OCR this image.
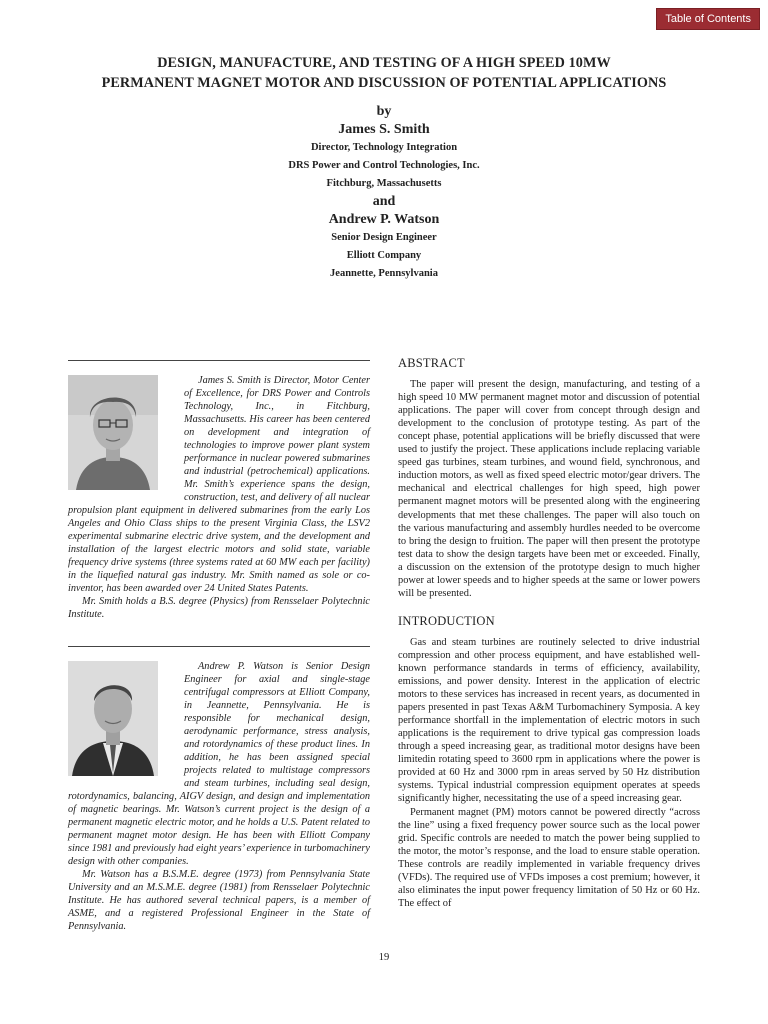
Table of Contents
DESIGN, MANUFACTURE, AND TESTING OF A HIGH SPEED 10MW
PERMANENT MAGNET MOTOR AND DISCUSSION OF POTENTIAL APPLICATIONS
by
James S. Smith
Director, Technology Integration
DRS Power and Control Technologies, Inc.
Fitchburg, Massachusetts
and
Andrew P. Watson
Senior Design Engineer
Elliott Company
Jeannette, Pennsylvania

James S. Smith is Director, Motor Center of Excellence, for DRS Power and Controls Technology, Inc., in Fitchburg, Massachusetts. His career has been centered on development and integration of technologies to improve power plant system performance in nuclear powered submarines and industrial (petrochemical) applications. Mr. Smith’s experience spans the design, construction, test, and delivery of all nuclear propulsion plant equipment in delivered submarines from the early Los Angeles and Ohio Class ships to the present Virginia Class, the LSV2 experimental submarine electric drive system, and the development and installation of the largest electric motors and solid state, variable frequency drive systems (three systems rated at 60 MW each per facility) in the liquefied natural gas industry. Mr. Smith named as sole or co-inventor, has been awarded over 24 United States Patents.

Mr. Smith holds a B.S. degree (Physics) from Rensselaer Polytechnic Institute.

Andrew P. Watson is Senior Design Engineer for axial and single-stage centrifugal compressors at Elliott Company, in Jeannette, Pennsylvania. He is responsible for mechanical design, aerodynamic performance, stress analysis, and rotordynamics of these product lines. In addition, he has been assigned special projects related to multistage compressors and steam turbines, including seal design, rotordynamics, balancing, AIGV design, and design and implementation of magnetic bearings. Mr. Watson’s current project is the design of a permanent magnetic electric motor, and he holds a U.S. Patent related to permanent magnet motor design. He has been with Elliott Company since 1981 and previously had eight years’ experience in turbomachinery design with other companies.

Mr. Watson has a B.S.M.E. degree (1973) from Pennsylvania State University and an M.S.M.E. degree (1981) from Rensselaer Polytechnic Institute. He has authored several technical papers, is a member of ASME, and a registered Professional Engineer in the State of Pennsylvania.

ABSTRACT

The paper will present the design, manufacturing, and testing of a high speed 10 MW permanent magnet motor and discussion of potential applications. The paper will cover from concept through design and development to the conclusion of prototype testing. As part of the concept phase, potential applications will be briefly discussed that were used to justify the project. These applications include replacing variable speed gas turbines, steam turbines, and wound field, synchronous, and induction motors, as well as fixed speed electric motor/gear drivers. The mechanical and electrical challenges for high speed, high power permanent magnet motors will be presented along with the engineering developments that met these challenges. The paper will also touch on the various manufacturing and assembly hurdles needed to be overcome to bring the design to fruition. The paper will then present the prototype test data to show the design targets have been met or exceeded. Finally, a discussion on the extension of the prototype design to much higher power at lower speeds and to higher speeds at the same or lower powers will be presented.

INTRODUCTION

Gas and steam turbines are routinely selected to drive industrial compression and other process equipment, and have established well-known performance standards in terms of efficiency, availability, emissions, and power density. Interest in the application of electric motors to these services has increased in recent years, as documented in papers presented in past Texas A&M Turbomachinery Symposia. A key performance shortfall in the implementation of electric motors in such applications is the requirement to drive typical gas compression loads through a speed increasing gear, as traditional motor designs have been limitedin rotating speed to 3600 rpm in applications where the power is provided at 60 Hz and 3000 rpm in areas served by 50 Hz distribution systems. Typical industrial compression equipment operates at speeds significantly higher, necessitating the use of a speed increasing gear.

Permanent magnet (PM) motors cannot be powered directly “across the line” using a fixed frequency power source such as the local power grid. Specific controls are needed to match the power being supplied to the motor, the motor’s response, and the load to ensure stable operation. These controls are readily implemented in variable frequency drives (VFDs). The required use of VFDs imposes a cost premium; however, it also eliminates the input power frequency limitation of 50 Hz or 60 Hz. The effect of

19
